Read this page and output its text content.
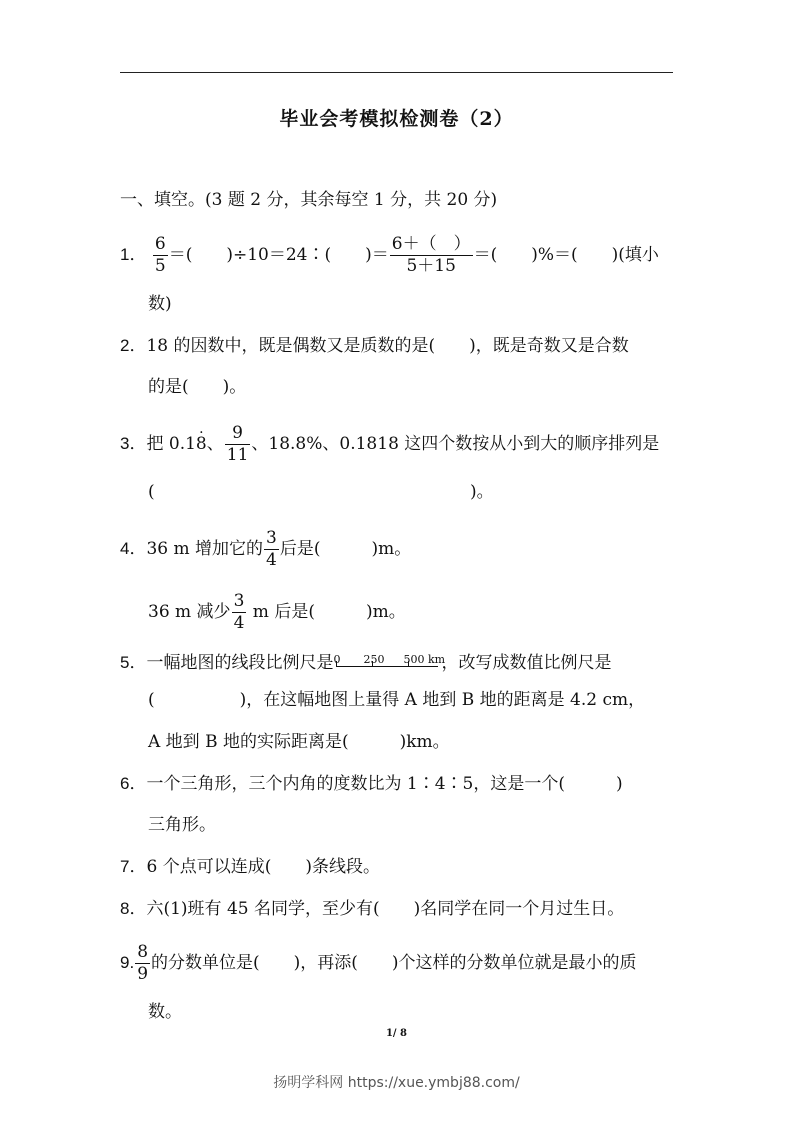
毕业会考模拟检测卷（2）
一、填空。(3 题 2 分，其余每空 1 分，共 20 分)
1． $\frac{6}{5}$ ＝(　　)÷10＝24∶(　　)＝ $\frac{6+( )}{5+15}$ ＝(　　)%＝(　　)(填小
数)
2．18 的因数中，既是偶数又是质数的是(　　)，既是奇数又是合数
的是(　　)。
3．把 0.18 ·、 $\frac{9}{11}$ 、18.8%、0.1818 这四个数按从小到大的顺序排列是
(	)。
4．36 m 增加它的 $\frac{3}{4}$ 后是(　　　)m。
36 m 减少 $\frac{3}{4}$ m 后是(　　　)m。
5．一幅地图的线段比例尺是 0 250 500 km
，改写成数值比例尺是
(　　　　　)，在这幅地图上量得 A 地到 B 地的距离是 4.2 cm，
A 地到 B 地的实际距离是(　　　)km。
6．一个三角形，三个内角的度数比为 1∶4∶5，这是一个(　　　)
三角形。
7．6 个点可以连成(　　)条线段。
8．六(1)班有 45 名同学，至少有(　　)名同学在同一个月过生日。
9. $\frac{8}{9}$ 的分数单位是(　　)，再添(　　)个这样的分数单位就是最小的质
数。
1/ 8
扬明学科网 https://xue.ymbj88.com/
